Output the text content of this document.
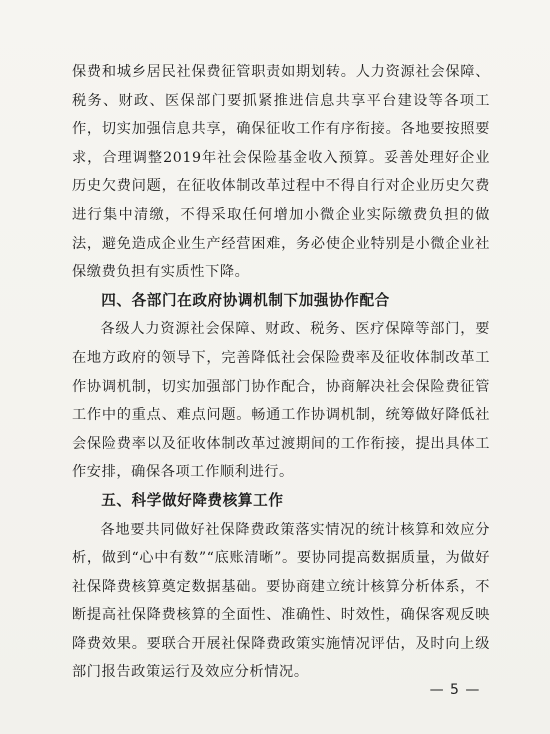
保费和城乡居民社保费征管职责如期划转。人力资源社会保障、税务、财政、医保部门要抓紧推进信息共享平台建设等各项工作，切实加强信息共享，确保征收工作有序衔接。各地要按照要求，合理调整2019年社会保险基金收入预算。妥善处理好企业历史欠费问题，在征收体制改革过程中不得自行对企业历史欠费进行集中清缴，不得采取任何增加小微企业实际缴费负担的做法，避免造成企业生产经营困难，务必使企业特别是小微企业社保缴费负担有实质性下降。

四、各部门在政府协调机制下加强协作配合

各级人力资源社会保障、财政、税务、医疗保障等部门，要在地方政府的领导下，完善降低社会保险费率及征收体制改革工作协调机制，切实加强部门协作配合，协商解决社会保险费征管工作中的重点、难点问题。畅通工作协调机制，统筹做好降低社会保险费率以及征收体制改革过渡期间的工作衔接，提出具体工作安排，确保各项工作顺利进行。

五、科学做好降费核算工作

各地要共同做好社保降费政策落实情况的统计核算和效应分析，做到“心中有数”“底账清晰”。要协同提高数据质量，为做好社保降费核算奠定数据基础。要协商建立统计核算分析体系，不断提高社保降费核算的全面性、准确性、时效性，确保客观反映降费效果。要联合开展社保降费政策实施情况评估，及时向上级部门报告政策运行及效应分析情况。

— 5 —
